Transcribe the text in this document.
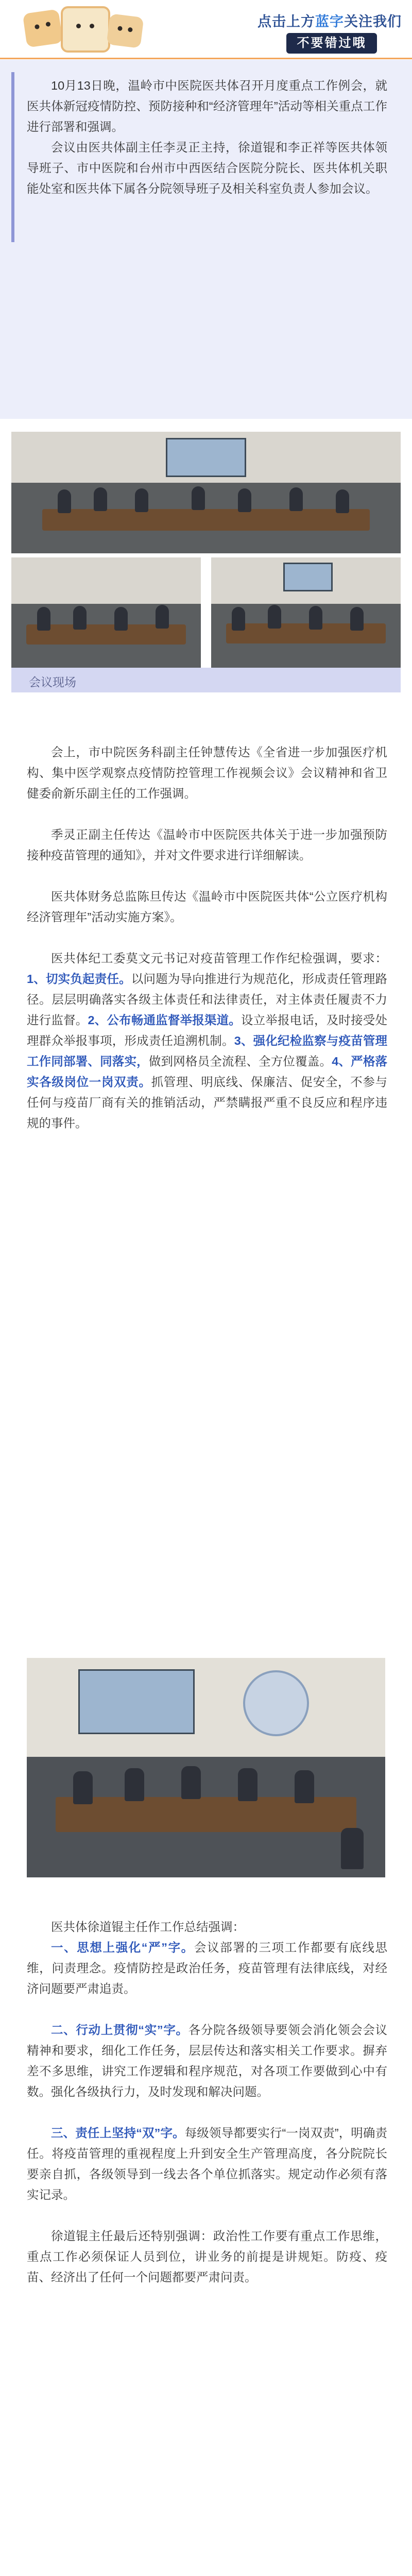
点击上方蓝字关注我们
不要错过哦

10月13日晚，温岭市中医院医共体召开月度重点工作例会，就医共体新冠疫情防控、预防接种和“经济管理年”活动等相关重点工作进行部署和强调。

会议由医共体副主任李灵正主持，徐道锟和李正祥等医共体领导班子、市中医院和台州市中西医结合医院分院长、医共体机关职能处室和医共体下属各分院领导班子及相关科室负责人参加会议。

会议现场

会上，市中院医务科副主任钟慧传达《全省进一步加强医疗机构、集中医学观察点疫情防控管理工作视频会议》会议精神和省卫健委俞新乐副主任的工作强调。

季灵正副主任传达《温岭市中医院医共体关于进一步加强预防接种疫苗管理的通知》，并对文件要求进行详细解读。

医共体财务总监陈旦传达《温岭市中医院医共体“公立医疗机构经济管理年”活动实施方案》。

医共体纪工委莫文元书记对疫苗管理工作作纪检强调，要求：1、切实负起责任。以问题为导向推进行为规范化，形成责任管理路径。层层明确落实各级主体责任和法律责任，对主体责任履责不力进行监督。2、公布畅通监督举报渠道。设立举报电话，及时接受处理群众举报事项，形成责任追溯机制。3、强化纪检监察与疫苗管理工作同部署、同落实，做到网格员全流程、全方位覆盖。4、严格落实各级岗位一岗双责。抓管理、明底线、保廉洁、促安全，不参与任何与疫苗厂商有关的推销活动，严禁瞒报严重不良反应和程序违规的事件。

医共体徐道锟主任作工作总结强调：

一、思想上强化“严”字。会议部署的三项工作都要有底线思维，问责理念。疫情防控是政治任务，疫苗管理有法律底线，对经济问题要严肃追责。

二、行动上贯彻“实”字。各分院各级领导要领会消化领会会议精神和要求，细化工作任务，层层传达和落实相关工作要求。摒弃差不多思维，讲究工作逻辑和程序规范，对各项工作要做到心中有数。强化各级执行力，及时发现和解决问题。

三、责任上坚持“双”字。每级领导都要实行“一岗双责”，明确责任。将疫苗管理的重视程度上升到安全生产管理高度，各分院院长要亲自抓，各级领导到一线去各个单位抓落实。规定动作必须有落实记录。

徐道锟主任最后还特别强调：政治性工作要有重点工作思维，重点工作必须保证人员到位，讲业务的前提是讲规矩。防疫、疫苗、经济出了任何一个问题都要严肃问责。
